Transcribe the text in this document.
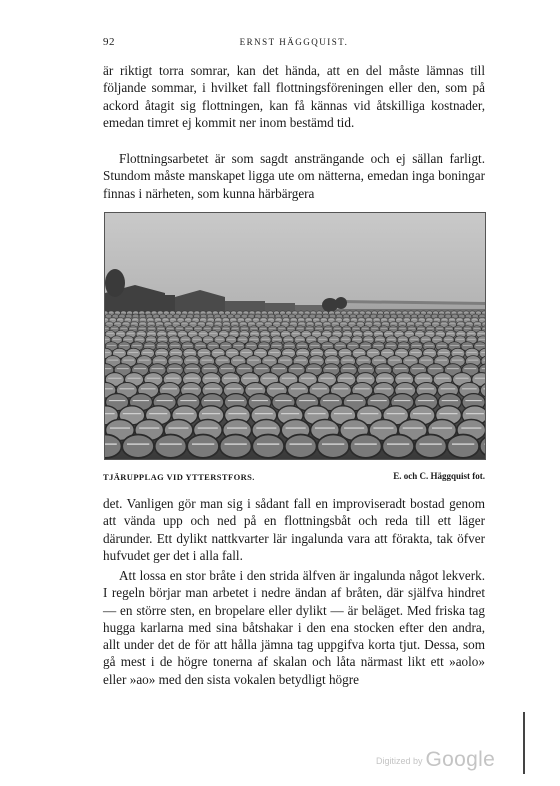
92	ERNST HÄGGQUIST.

är riktigt torra somrar, kan det hända, att en del måste lämnas till följande sommar, i hvilket fall flottningsföreningen eller den, som på ackord åtagit sig flottningen, kan få kännas vid åtskilliga kostnader, emedan timret ej kommit ner inom bestämd tid.

Flottningsarbetet är som sagdt ansträngande och ej sällan farligt. Stundom måste manskapet ligga ute om nätterna, emedan inga boningar finnas i närheten, som kunna härbärgera

TJÄRUPPLAG VID YTTERSTFORS.	E. och C. Häggquist fot.

det. Vanligen gör man sig i sådant fall en improviseradt bostad genom att vända upp och ned på en flottningsbåt och reda till ett läger därunder. Ett dylikt nattkvarter lär ingalunda vara att förakta, tak öfver hufvudet ger det i alla fall.

Att lossa en stor bråte i den strida älfven är ingalunda något lekverk. I regeln börjar man arbetet i nedre ändan af bråten, där själfva hindret — en större sten, en bropelare eller dylikt — är beläget. Med friska tag hugga karlarna med sina båtshakar i den ena stocken efter den andra, allt under det de för att hålla jämna tag uppgifva korta tjut. Dessa, som gå mest i de högre tonerna af skalan och låta närmast likt ett »aolo» eller »ao» med den sista vokalen betydligt högre

Digitized by Google
